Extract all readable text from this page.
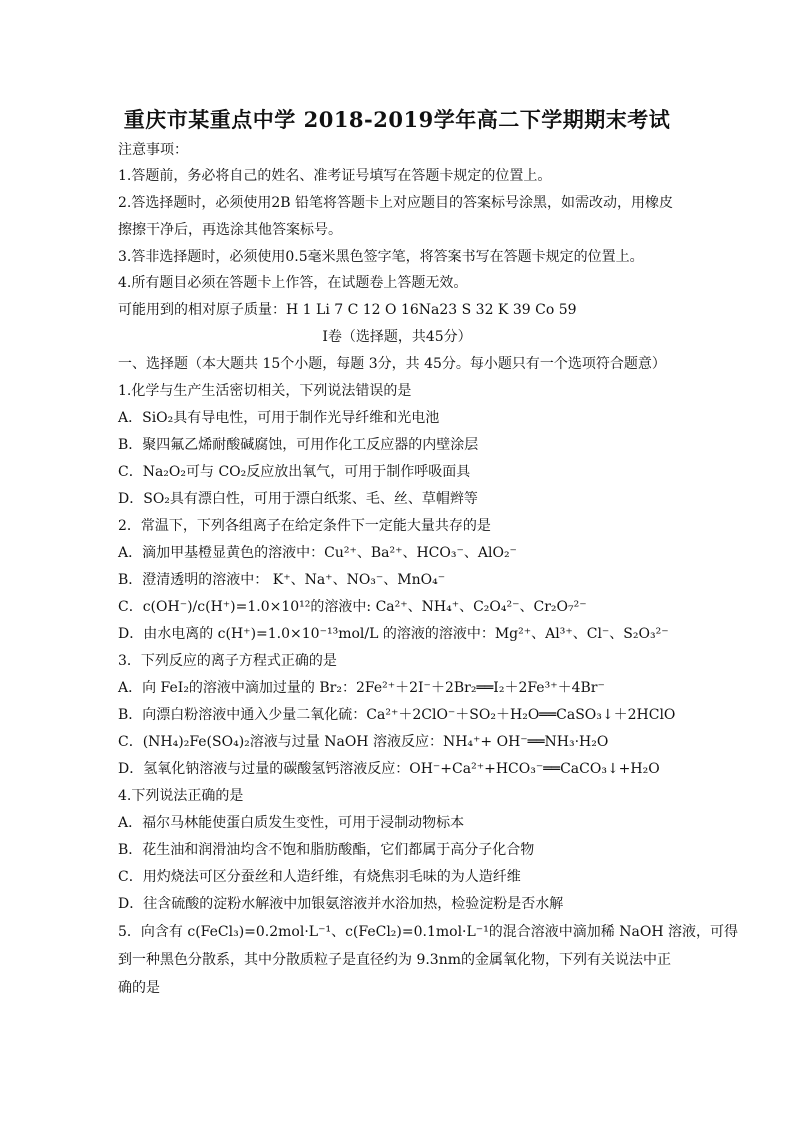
重庆市某重点中学 2018-2019学年高二下学期期末考试
注意事项：
1.答题前，务必将自己的姓名、准考证号填写在答题卡规定的位置上。
2.答选择题时，必须使用2B 铅笔将答题卡上对应题目的答案标号涂黑，如需改动，用橡皮
擦擦干净后，再选涂其他答案标号。
3.答非选择题时，必须使用0.5毫米黑色签字笔，将答案书写在答题卡规定的位置上。
4.所有题目必须在答题卡上作答，在试题卷上答题无效。
可能用到的相对原子质量：H 1 Li 7 C 12 O 16Na23 S 32 K 39 Co 59
Ⅰ卷（选择题，共45分）
一、选择题（本大题共 15个小题，每题 3分，共 45分。每小题只有一个选项符合题意）
1.化学与生产生活密切相关，下列说法错误的是
A．SiO₂具有导电性，可用于制作光导纤维和光电池
B．聚四氟乙烯耐酸碱腐蚀，可用作化工反应器的内壁涂层
C．Na₂O₂可与 CO₂反应放出氧气，可用于制作呼吸面具
D．SO₂具有漂白性，可用于漂白纸浆、毛、丝、草帽辫等
2．常温下，下列各组离子在给定条件下一定能大量共存的是
A．滴加甲基橙显黄色的溶液中：Cu²⁺、Ba²⁺、HCO₃⁻、AlO₂⁻
B．澄清透明的溶液中： K⁺、Na⁺、NO₃⁻、MnO₄⁻
C．c(OH⁻)/c(H⁺)=1.0×10¹²的溶液中: Ca²⁺、NH₄⁺、C₂O₄²⁻、Cr₂O₇²⁻
D．由水电离的 c(H⁺)=1.0×10⁻¹³mol/L 的溶液的溶液中：Mg²⁺、Al³⁺、Cl⁻、S₂O₃²⁻
3．下列反应的离子方程式正确的是
A．向 FeI₂的溶液中滴加过量的 Br₂：2Fe²⁺＋2I⁻＋2Br₂══I₂＋2Fe³⁺＋4Br⁻
B．向漂白粉溶液中通入少量二氧化硫：Ca²⁺＋2ClO⁻＋SO₂＋H₂O══CaSO₃↓＋2HClO
C．(NH₄)₂Fe(SO₄)₂溶液与过量 NaOH 溶液反应：NH₄⁺+ OH⁻══NH₃·H₂O
D．氢氧化钠溶液与过量的碳酸氢钙溶液反应：OH⁻+Ca²⁺+HCO₃⁻══CaCO₃↓+H₂O
4.下列说法正确的是
A．福尔马林能使蛋白质发生变性，可用于浸制动物标本
B．花生油和润滑油均含不饱和脂肪酸酯，它们都属于高分子化合物
C．用灼烧法可区分蚕丝和人造纤维，有烧焦羽毛味的为人造纤维
D．往含硫酸的淀粉水解液中加银氨溶液并水浴加热，检验淀粉是否水解
5．向含有 c(FeCl₃)=0.2mol·L⁻¹、c(FeCl₂)=0.1mol·L⁻¹的混合溶液中滴加稀 NaOH 溶液，可得
到一种黑色分散系，其中分散质粒子是直径约为 9.3nm的金属氧化物，下列有关说法中正
确的是
